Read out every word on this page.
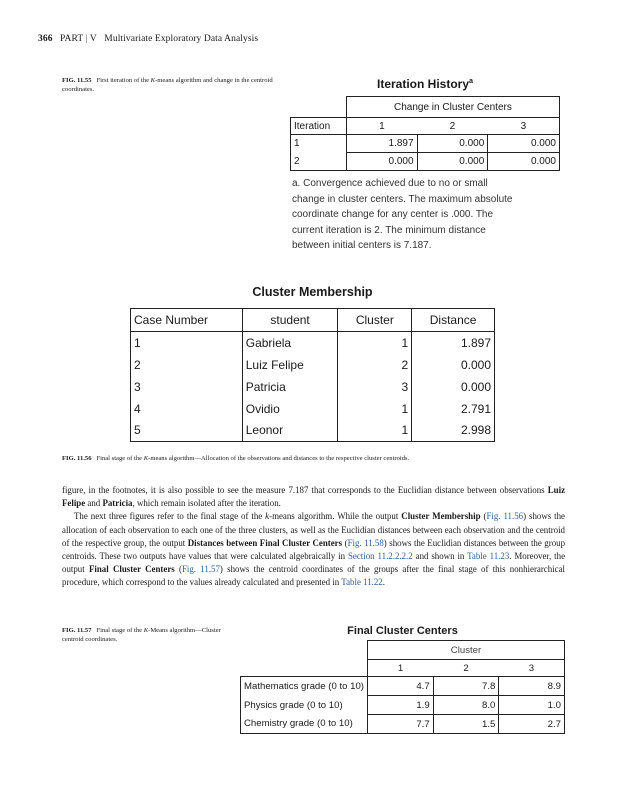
366 PART | V Multivariate Exploratory Data Analysis
FIG. 11.55 First iteration of the K-means algorithm and change in the centroid coordinates.	Iteration History$^a$
	Change in Cluster Centers		
Iteration	1	2	3
1	1.897	0.000	0.000
2	0.000	0.000	0.000
a. Convergence achieved due to no or small
change in cluster centers. The maximum absolute
coordinate change for any center is .000. The
current iteration is 2. The minimum distance
between initial centers is 7.187.
Cluster Membership
Case Number	student	Cluster	Distance
1	Gabriela	1	1.897
2	Luiz Felipe	2	0.000
3	Patricia	3	0.000
4	Ovidio	1	2.791
5	Leonor	1	2.998
FIG. 11.56 Final stage of the K-means algorithm—Allocation of the observations and distances to the respective cluster centroids.

figure, in the footnotes, it is also possible to see the measure 7.187 that corresponds to the Euclidian distance between observations Luiz Felipe and Patricia, which remain isolated after the iteration.

The next three figures refer to the final stage of the k-means algorithm. While the output Cluster Membership (Fig. 11.56) shows the allocation of each observation to each one of the three clusters, as well as the Euclidian distances between each observation and the centroid of the respective group, the output Distances between Final Cluster Centers (Fig. 11.58) shows the Euclidian distances between the group centroids. These two outputs have values that were calculated algebraically in Section 11.2.2.2.2 and shown in Table 11.23. Moreover, the output Final Cluster Centers (Fig. 11.57) shows the centroid coordinates of the groups after the final stage of this nonhierarchical procedure, which correspond to the values already calculated and presented in Table 11.22.

FIG. 11.57 Final stage of the K-Means algorithm—Cluster centroid coordinates.
Final Cluster Centers
	Cluster		
	1	2	3
Mathematics grade (0 to 10)	4.7	7.8	8.9
Physics grade (0 to 10)	1.9	8.0	1.0
Chemistry grade (0 to 10)	7.7	1.5	2.7
